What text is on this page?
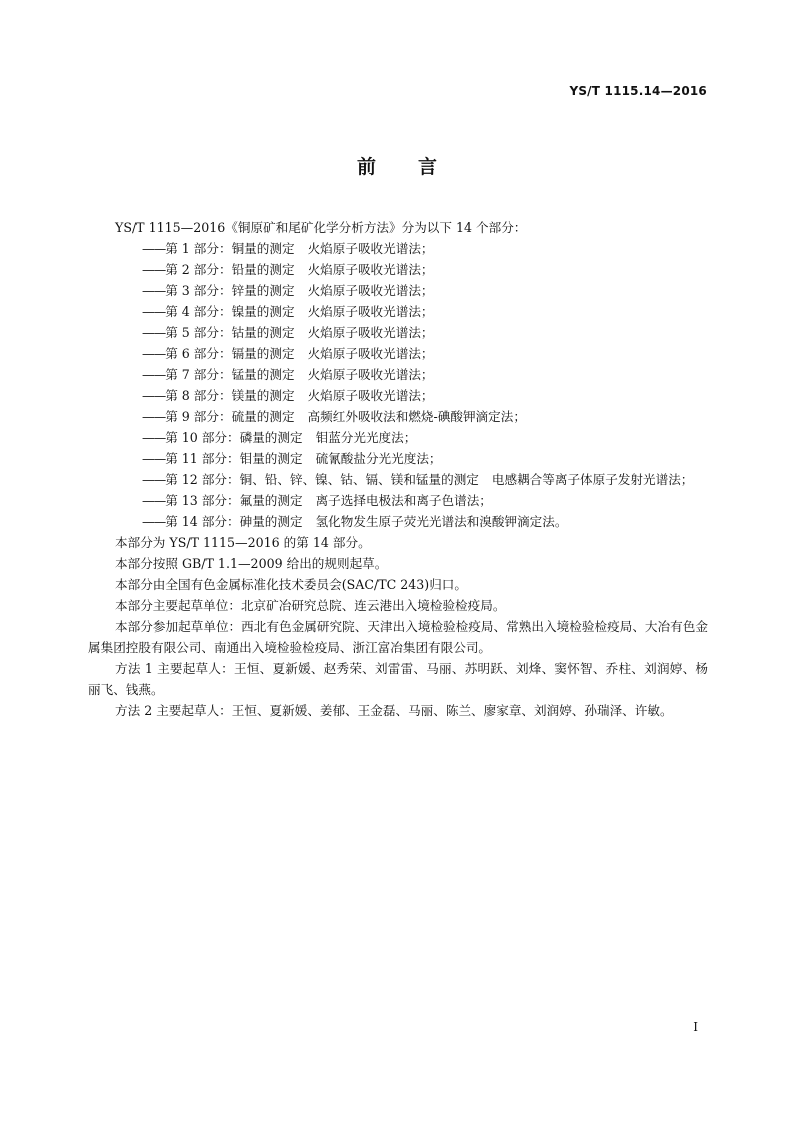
YS/T 1115.14—2016
前言

YS/T 1115—2016《铜原矿和尾矿化学分析方法》分为以下 14 个部分：

——第 1 部分：铜量的测定 火焰原子吸收光谱法；
——第 2 部分：铅量的测定 火焰原子吸收光谱法；
——第 3 部分：锌量的测定 火焰原子吸收光谱法；
——第 4 部分：镍量的测定 火焰原子吸收光谱法；
——第 5 部分：钴量的测定 火焰原子吸收光谱法；
——第 6 部分：镉量的测定 火焰原子吸收光谱法；
——第 7 部分：锰量的测定 火焰原子吸收光谱法；
——第 8 部分：镁量的测定 火焰原子吸收光谱法；
——第 9 部分：硫量的测定 高频红外吸收法和燃烧-碘酸钾滴定法；
——第 10 部分：磷量的测定 钼蓝分光光度法；
——第 11 部分：钼量的测定 硫氰酸盐分光光度法；
——第 12 部分：铜、铅、锌、镍、钴、镉、镁和锰量的测定 电感耦合等离子体原子发射光谱法；
——第 13 部分：氟量的测定 离子选择电极法和离子色谱法；
——第 14 部分：砷量的测定 氢化物发生原子荧光光谱法和溴酸钾滴定法。

本部分为 YS/T 1115—2016 的第 14 部分。

本部分按照 GB/T 1.1—2009 给出的规则起草。

本部分由全国有色金属标准化技术委员会(SAC/TC 243)归口。

本部分主要起草单位：北京矿冶研究总院、连云港出入境检验检疫局。

本部分参加起草单位：西北有色金属研究院、天津出入境检验检疫局、常熟出入境检验检疫局、大冶有色金属集团控股有限公司、南通出入境检验检疫局、浙江富冶集团有限公司。

方法 1 主要起草人：王恒、夏新媛、赵秀荣、刘雷雷、马丽、苏明跃、刘烽、窦怀智、乔柱、刘润婷、杨丽飞、钱燕。

方法 2 主要起草人：王恒、夏新媛、姜郁、王金磊、马丽、陈兰、廖家章、刘润婷、孙瑞泽、许敏。

I
